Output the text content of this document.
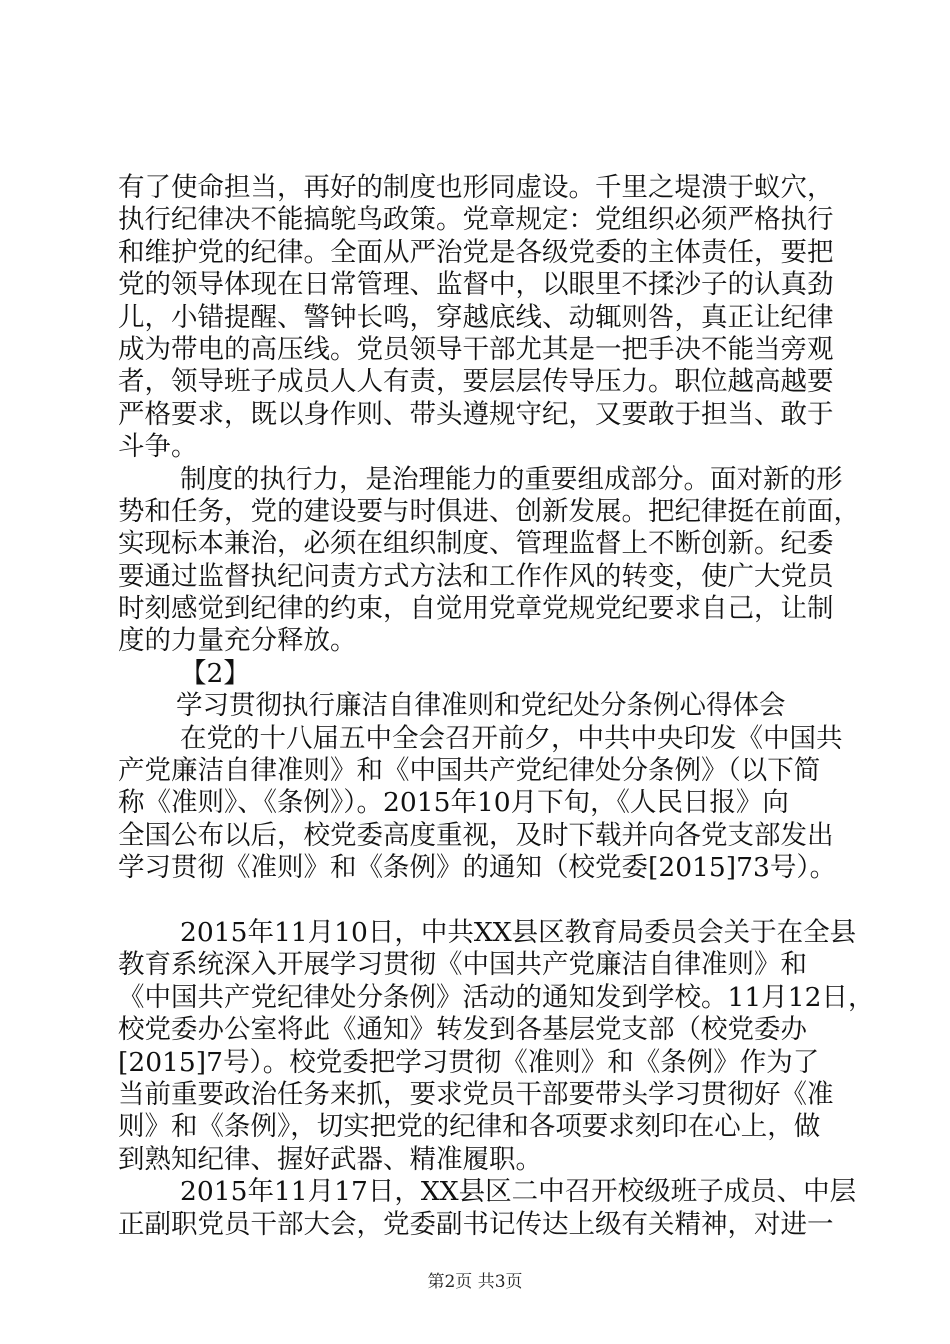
有了使命担当，再好的制度也形同虚设。千里之堤溃于蚁穴，
执行纪律决不能搞鸵鸟政策。党章规定：党组织必须严格执行
和维护党的纪律。全面从严治党是各级党委的主体责任，要把
党的领导体现在日常管理、监督中，以眼里不揉沙子的认真劲
儿，小错提醒、警钟长鸣，穿越底线、动辄则咎，真正让纪律
成为带电的高压线。党员领导干部尤其是一把手决不能当旁观
者，领导班子成员人人有责，要层层传导压力。职位越高越要
严格要求，既以身作则、带头遵规守纪，又要敢于担当、敢于
斗争。
制度的执行力，是治理能力的重要组成部分。面对新的形
势和任务，党的建设要与时俱进、创新发展。把纪律挺在前面，
实现标本兼治，必须在组织制度、管理监督上不断创新。纪委
要通过监督执纪问责方式方法和工作作风的转变，使广大党员
时刻感觉到纪律的约束，自觉用党章党规党纪要求自己，让制
度的力量充分释放。
【2】
学习贯彻执行廉洁自律准则和党纪处分条例心得体会
在党的十八届五中全会召开前夕，中共中央印发《中国共
产党廉洁自律准则》和《中国共产党纪律处分条例》（以下简
称《准则》、《条例》）。2015年10月下旬，《人民日报》向
全国公布以后，校党委高度重视，及时下载并向各党支部发出
学习贯彻《准则》和《条例》的通知（校党委[2015]73号）。
2015年11月10日，中共XX县区教育局委员会关于在全县
教育系统深入开展学习贯彻《中国共产党廉洁自律准则》和
《中国共产党纪律处分条例》活动的通知发到学校。11月12日，
校党委办公室将此《通知》转发到各基层党支部（校党委办
[2015]7号）。校党委把学习贯彻《准则》和《条例》作为了
当前重要政治任务来抓，要求党员干部要带头学习贯彻好《准
则》和《条例》，切实把党的纪律和各项要求刻印在心上，做
到熟知纪律、握好武器、精准履职。
2015年11月17日，XX县区二中召开校级班子成员、中层
正副职党员干部大会，党委副书记传达上级有关精神，对进一
第2页 共3页
